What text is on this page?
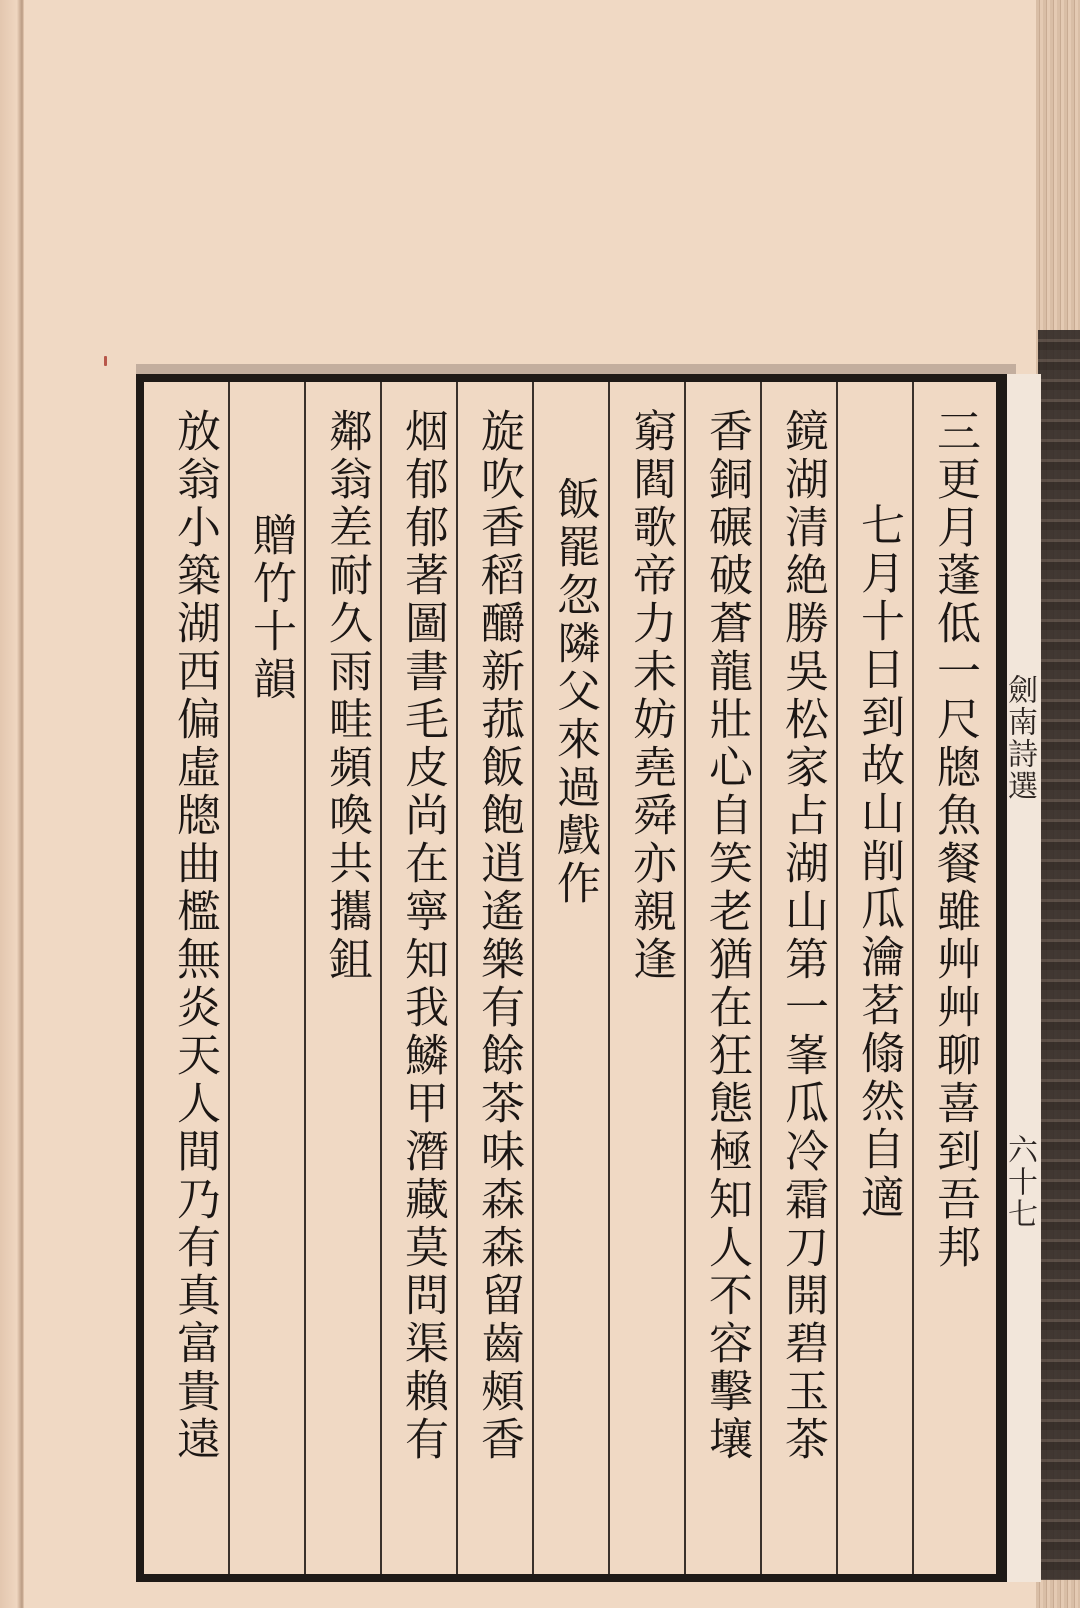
三更月蓬低一尺牕魚餐雖艸艸聊喜到吾邦
七月十日到故山削瓜瀹茗翛然自適
鏡湖清絶勝吳松家占湖山第一峯瓜冷霜刀開碧玉茶
香銅碾破蒼龍壯心自笑老猶在狂態極知人不容擊壤
窮閻歌帝力未妨堯舜亦親逢
飯罷忽隣父來過戲作
旋吹香稻釂新菰飯飽逍遙樂有餘茶味森森留齒頰香
烟郁郁著圖書毛皮尚在寧知我鱗甲潛藏莫問渠賴有
鄰翁差耐久雨畦頻喚共攜鉏
贈竹十韻
放翁小築湖西偏虛牕曲檻無炎天人間乃有真富貴遠	劍南詩選
六十七
